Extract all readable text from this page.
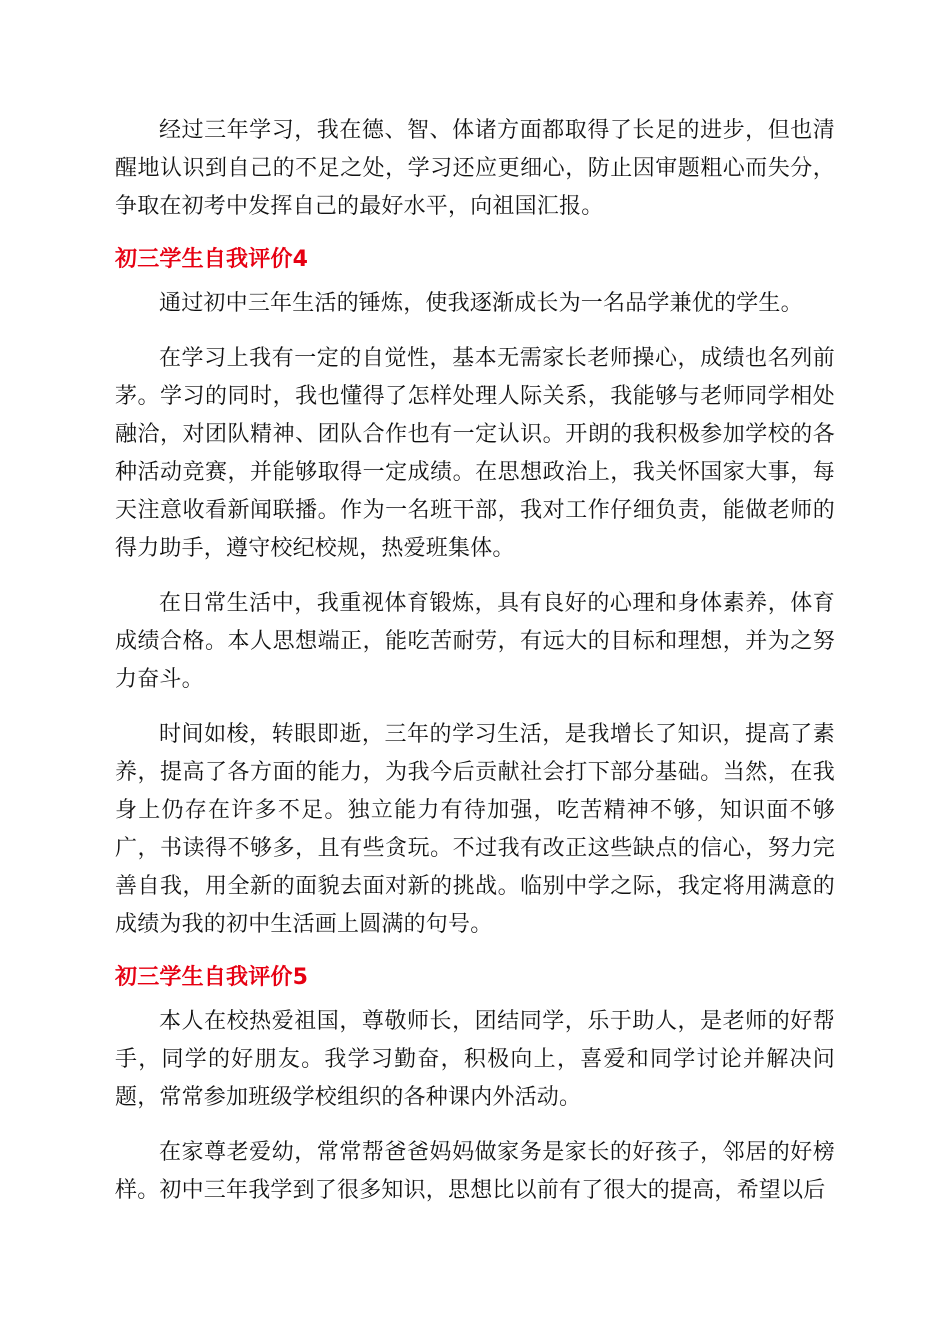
经过三年学习，我在德、智、体诸方面都取得了长足的进步，但也清醒地认识到自己的不足之处，学习还应更细心，防止因审题粗心而失分，争取在初考中发挥自己的最好水平，向祖国汇报。

初三学生自我评价4

通过初中三年生活的锤炼，使我逐渐成长为一名品学兼优的学生。

在学习上我有一定的自觉性，基本无需家长老师操心，成绩也名列前茅。学习的同时，我也懂得了怎样处理人际关系，我能够与老师同学相处融洽，对团队精神、团队合作也有一定认识。开朗的我积极参加学校的各种活动竞赛，并能够取得一定成绩。在思想政治上，我关怀国家大事，每天注意收看新闻联播。作为一名班干部，我对工作仔细负责，能做老师的得力助手，遵守校纪校规，热爱班集体。

在日常生活中，我重视体育锻炼，具有良好的心理和身体素养，体育成绩合格。本人思想端正，能吃苦耐劳，有远大的目标和理想，并为之努力奋斗。

时间如梭，转眼即逝，三年的学习生活，是我增长了知识，提高了素养，提高了各方面的能力，为我今后贡献社会打下部分基础。当然，在我身上仍存在许多不足。独立能力有待加强，吃苦精神不够，知识面不够广，书读得不够多，且有些贪玩。不过我有改正这些缺点的信心，努力完善自我，用全新的面貌去面对新的挑战。临别中学之际，我定将用满意的成绩为我的初中生活画上圆满的句号。

初三学生自我评价5

本人在校热爱祖国，尊敬师长，团结同学，乐于助人，是老师的好帮手，同学的好朋友。我学习勤奋，积极向上，喜爱和同学讨论并解决问题，常常参加班级学校组织的各种课内外活动。

在家尊老爱幼，常常帮爸爸妈妈做家务是家长的好孩子，邻居的好榜样。初中三年我学到了很多知识，思想比以前有了很大的提高，希望以后
